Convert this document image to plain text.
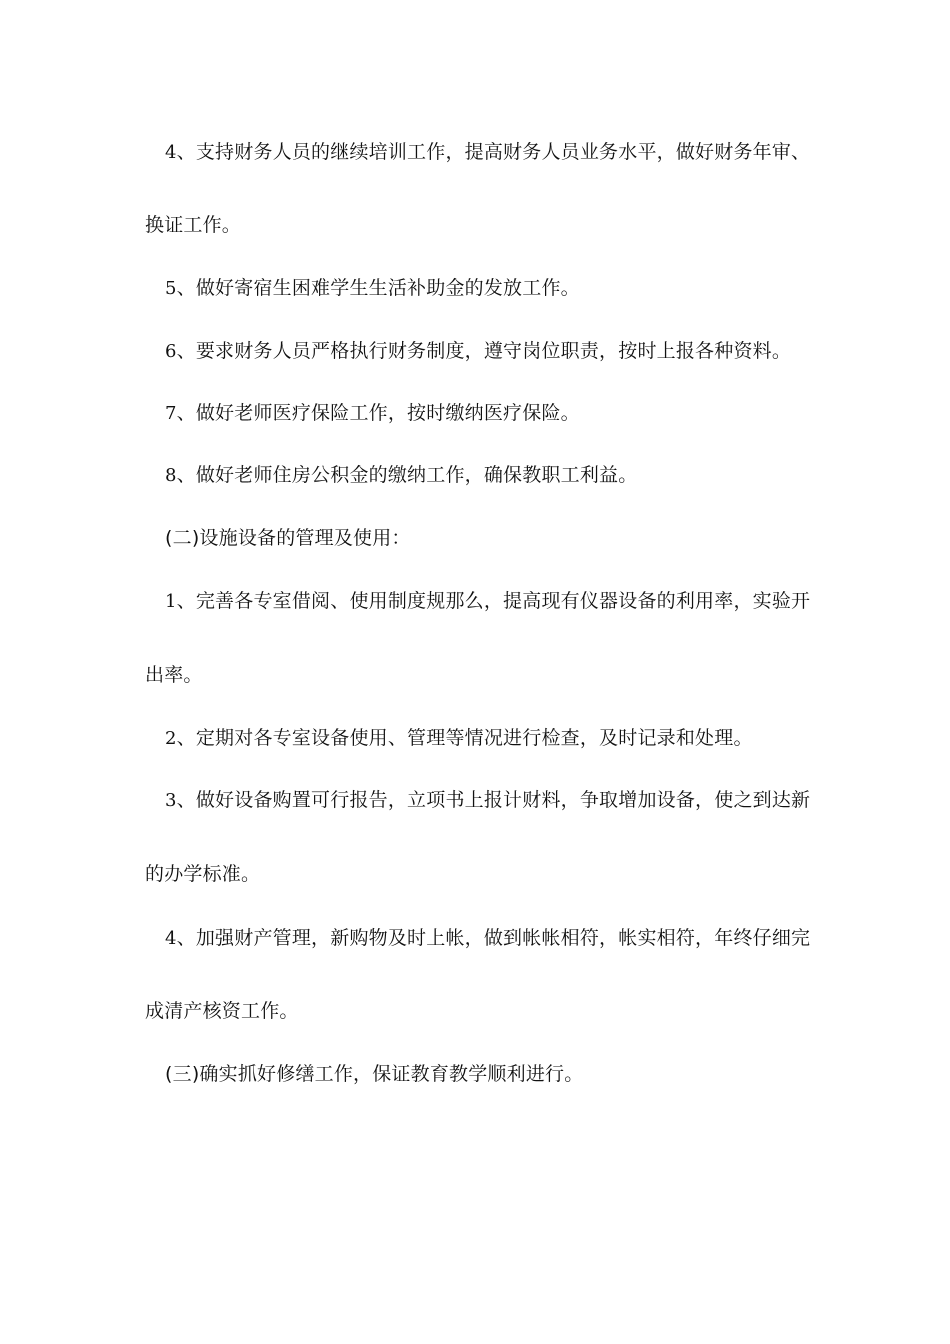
4、支持财务人员的继续培训工作，提高财务人员业务水平，做好财务年审、
换证工作。
5、做好寄宿生困难学生生活补助金的发放工作。
6、要求财务人员严格执行财务制度，遵守岗位职责，按时上报各种资料。
7、做好老师医疗保险工作，按时缴纳医疗保险。
8、做好老师住房公积金的缴纳工作，确保教职工利益。
(二)设施设备的管理及使用：
1、完善各专室借阅、使用制度规那么，提高现有仪器设备的利用率，实验开
出率。
2、定期对各专室设备使用、管理等情况进行检查，及时记录和处理。
3、做好设备购置可行报告，立项书上报计财料，争取增加设备，使之到达新
的办学标准。
4、加强财产管理，新购物及时上帐，做到帐帐相符，帐实相符，年终仔细完
成清产核资工作。
(三)确实抓好修缮工作，保证教育教学顺利进行。
